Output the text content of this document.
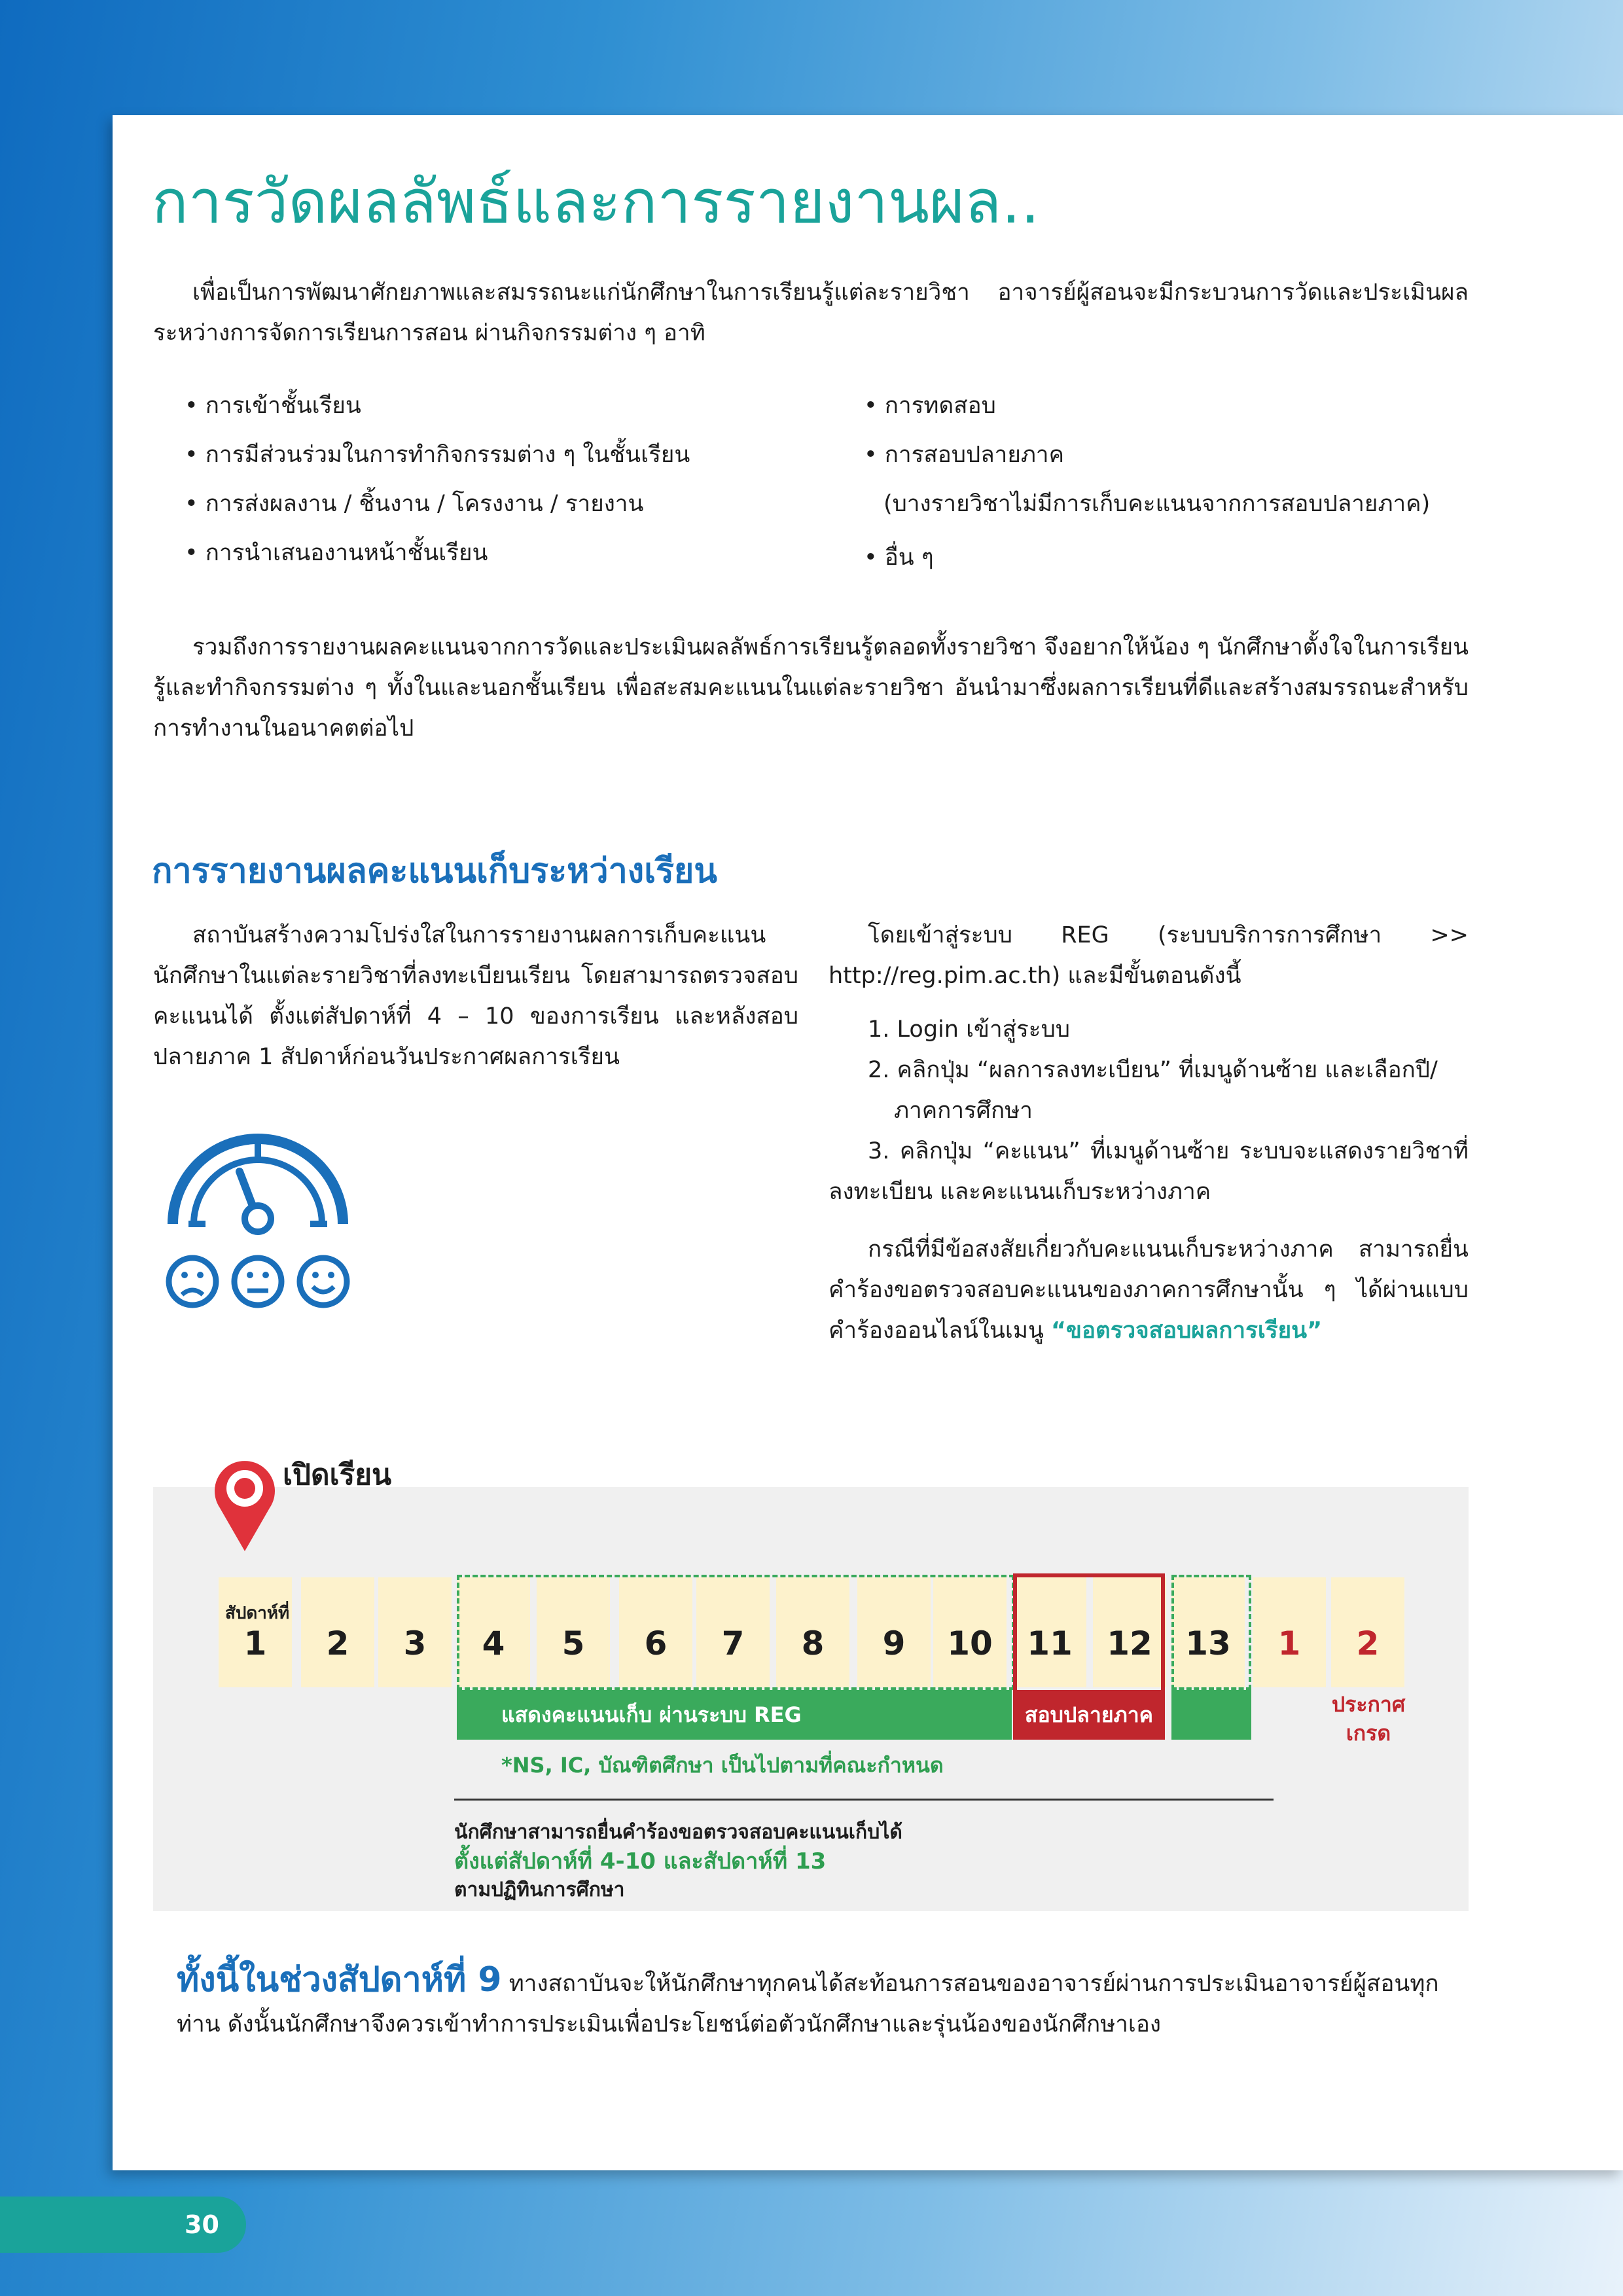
การวัดผลลัพธ์และการรายงานผล..
เพื่อเป็นการพัฒนาศักยภาพและสมรรถนะแก่นักศึกษาในการเรียนรู้แต่ละรายวิชา อาจารย์ผู้สอนจะมีกระบวนการวัดและประเมินผลระหว่างการจัดการเรียนการสอน ผ่านกิจกรรมต่าง ๆ อาทิ
• การเข้าชั้นเรียน
• การมีส่วนร่วมในการทำกิจกรรมต่าง ๆ ในชั้นเรียน
• การส่งผลงาน / ชิ้นงาน / โครงงาน / รายงาน
• การนำเสนองานหน้าชั้นเรียน
• การทดสอบ
• การสอบปลายภาค
(บางรายวิชาไม่มีการเก็บคะแนนจากการสอบปลายภาค)
• อื่น ๆ
รวมถึงการรายงานผลคะแนนจากการวัดและประเมินผลลัพธ์การเรียนรู้ตลอดทั้งรายวิชา จึงอยากให้น้อง ๆ นักศึกษาตั้งใจในการเรียนรู้และทำกิจกรรมต่าง ๆ ทั้งในและนอกชั้นเรียน เพื่อสะสมคะแนนในแต่ละรายวิชา อันนำมาซึ่งผลการเรียนที่ดีและสร้างสมรรถนะสำหรับการทำงานในอนาคตต่อไป
การรายงานผลคะแนนเก็บระหว่างเรียน
สถาบันสร้างความโปร่งใสในการรายงานผลการเก็บคะแนนนักศึกษาในแต่ละรายวิชาที่ลงทะเบียนเรียน โดยสามารถตรวจสอบคะแนนได้ ตั้งแต่สัปดาห์ที่ 4 – 10 ของการเรียน และหลังสอบปลายภาค 1 สัปดาห์ก่อนวันประกาศผลการเรียน
โดยเข้าสู่ระบบ REG (ระบบบริการการศึกษา >> http://reg.pim.ac.th) และมีขั้นตอนดังนี้
1. Login เข้าสู่ระบบ
2. คลิกปุ่ม “ผลการลงทะเบียน” ที่เมนูด้านซ้าย และเลือกปี/
ภาคการศึกษา
3. คลิกปุ่ม “คะแนน” ที่เมนูด้านซ้าย ระบบจะแสดงรายวิชาที่ลงทะเบียน และคะแนนเก็บระหว่างภาค
กรณีที่มีข้อสงสัยเกี่ยวกับคะแนนเก็บระหว่างภาค สามารถยื่นคำร้องขอตรวจสอบคะแนนของภาคการศึกษานั้น ๆ ได้ผ่านแบบคำร้องออนไลน์ในเมนู “ขอตรวจสอบผลการเรียน”
เปิดเรียน
1	2	3	4	5	6	7	8	9	10	11	12	13	1	2
สัปดาห์ที่
แสดงคะแนนเก็บ ผ่านระบบ REG	สอบปลายภาค	ประกาศ
เกรด
*NS, IC, บัณฑิตศึกษา เป็นไปตามที่คณะกำหนด
นักศึกษาสามารถยื่นคำร้องขอตรวจสอบคะแนนเก็บได้
ตั้งแต่สัปดาห์ที่ 4-10 และสัปดาห์ที่ 13
ตามปฏิทินการศึกษา
ทั้งนี้ในช่วงสัปดาห์ที่ 9 ทางสถาบันจะให้นักศึกษาทุกคนได้สะท้อนการสอนของอาจารย์ผ่านการประเมินอาจารย์ผู้สอนทุกท่าน ดังนั้นนักศึกษาจึงควรเข้าทำการประเมินเพื่อประโยชน์ต่อตัวนักศึกษาและรุ่นน้องของนักศึกษาเอง
30
